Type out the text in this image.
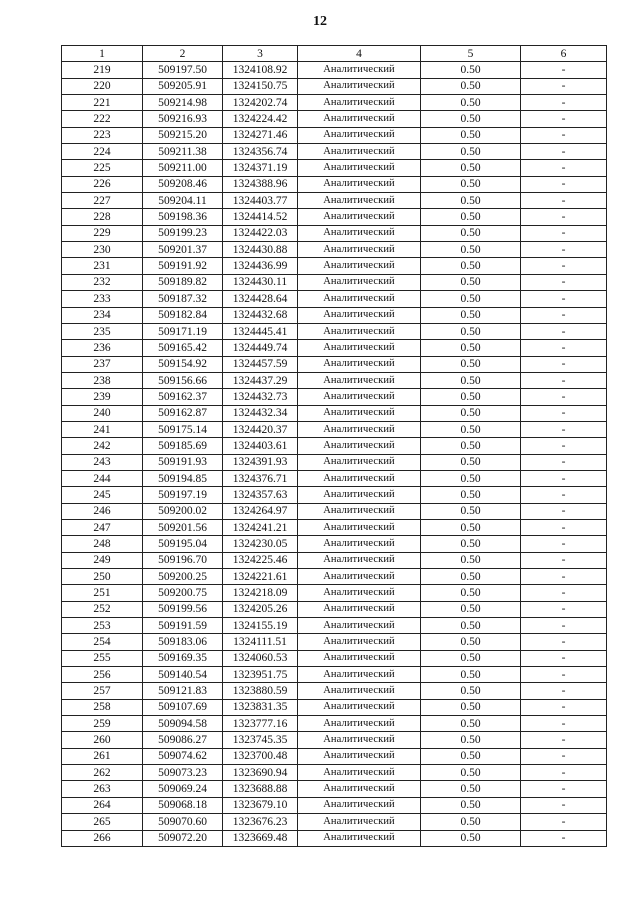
12
1	2	3	4	5	6
219	509197.50	1324108.92	Аналитический	0.50	-
220	509205.91	1324150.75	Аналитический	0.50	-
221	509214.98	1324202.74	Аналитический	0.50	-
222	509216.93	1324224.42	Аналитический	0.50	-
223	509215.20	1324271.46	Аналитический	0.50	-
224	509211.38	1324356.74	Аналитический	0.50	-
225	509211.00	1324371.19	Аналитический	0.50	-
226	509208.46	1324388.96	Аналитический	0.50	-
227	509204.11	1324403.77	Аналитический	0.50	-
228	509198.36	1324414.52	Аналитический	0.50	-
229	509199.23	1324422.03	Аналитический	0.50	-
230	509201.37	1324430.88	Аналитический	0.50	-
231	509191.92	1324436.99	Аналитический	0.50	-
232	509189.82	1324430.11	Аналитический	0.50	-
233	509187.32	1324428.64	Аналитический	0.50	-
234	509182.84	1324432.68	Аналитический	0.50	-
235	509171.19	1324445.41	Аналитический	0.50	-
236	509165.42	1324449.74	Аналитический	0.50	-
237	509154.92	1324457.59	Аналитический	0.50	-
238	509156.66	1324437.29	Аналитический	0.50	-
239	509162.37	1324432.73	Аналитический	0.50	-
240	509162.87	1324432.34	Аналитический	0.50	-
241	509175.14	1324420.37	Аналитический	0.50	-
242	509185.69	1324403.61	Аналитический	0.50	-
243	509191.93	1324391.93	Аналитический	0.50	-
244	509194.85	1324376.71	Аналитический	0.50	-
245	509197.19	1324357.63	Аналитический	0.50	-
246	509200.02	1324264.97	Аналитический	0.50	-
247	509201.56	1324241.21	Аналитический	0.50	-
248	509195.04	1324230.05	Аналитический	0.50	-
249	509196.70	1324225.46	Аналитический	0.50	-
250	509200.25	1324221.61	Аналитический	0.50	-
251	509200.75	1324218.09	Аналитический	0.50	-
252	509199.56	1324205.26	Аналитический	0.50	-
253	509191.59	1324155.19	Аналитический	0.50	-
254	509183.06	1324111.51	Аналитический	0.50	-
255	509169.35	1324060.53	Аналитический	0.50	-
256	509140.54	1323951.75	Аналитический	0.50	-
257	509121.83	1323880.59	Аналитический	0.50	-
258	509107.69	1323831.35	Аналитический	0.50	-
259	509094.58	1323777.16	Аналитический	0.50	-
260	509086.27	1323745.35	Аналитический	0.50	-
261	509074.62	1323700.48	Аналитический	0.50	-
262	509073.23	1323690.94	Аналитический	0.50	-
263	509069.24	1323688.88	Аналитический	0.50	-
264	509068.18	1323679.10	Аналитический	0.50	-
265	509070.60	1323676.23	Аналитический	0.50	-
266	509072.20	1323669.48	Аналитический	0.50	-
